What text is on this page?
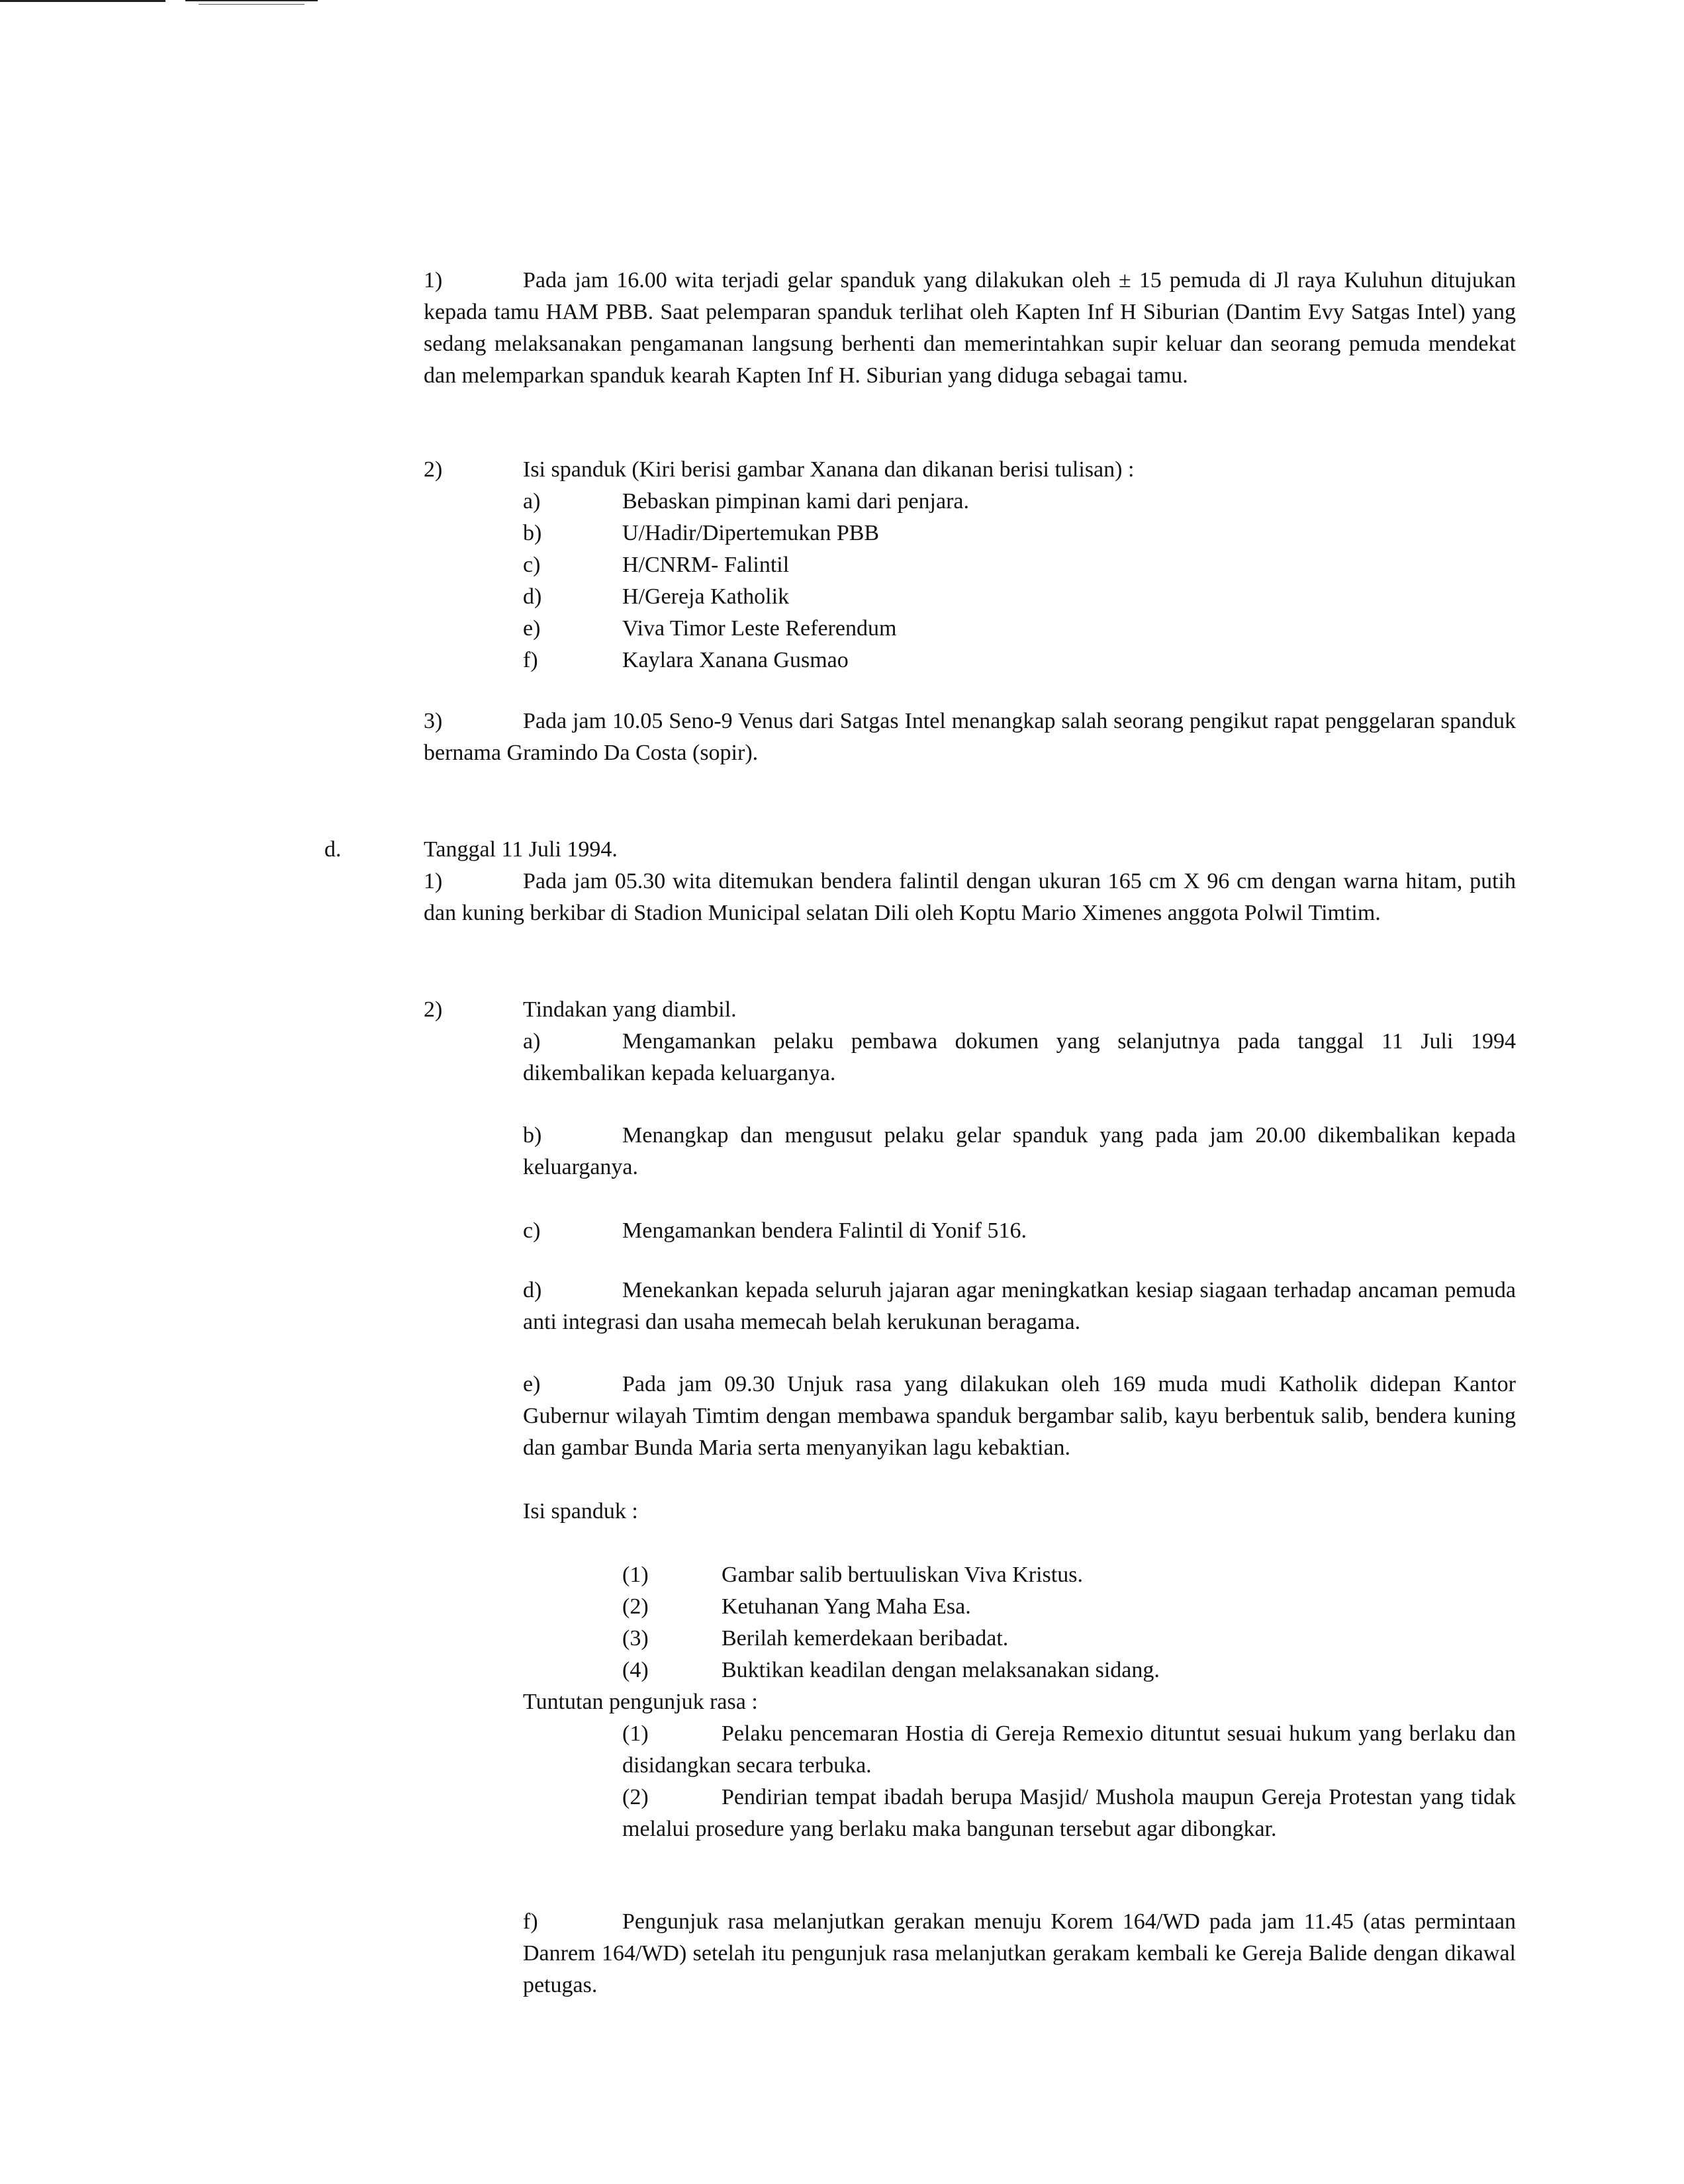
1)	Pada jam 16.00 wita terjadi gelar spanduk yang dilakukan oleh ± 15 pemuda di Jl raya Kuluhun ditujukan kepada tamu HAM PBB. Saat pelemparan spanduk terlihat oleh Kapten Inf H Siburian (Dantim Evy Satgas Intel) yang sedang melaksanakan pengamanan langsung berhenti dan memerintahkan supir keluar dan seorang pemuda mendekat dan melemparkan spanduk kearah Kapten Inf H. Siburian yang diduga sebagai tamu.
2)	Isi spanduk (Kiri berisi gambar Xanana dan dikanan berisi tulisan) :
a)	Bebaskan pimpinan kami dari penjara.
b)	U/Hadir/Dipertemukan PBB
c)	H/CNRM- Falintil
d)	H/Gereja Katholik
e)	Viva Timor Leste Referendum
f)	Kaylara Xanana Gusmao
3)	Pada jam 10.05 Seno-9 Venus dari Satgas Intel menangkap salah seorang pengikut rapat penggelaran spanduk bernama Gramindo Da Costa (sopir).
d.	Tanggal 11 Juli 1994.
1)	Pada jam 05.30 wita ditemukan bendera falintil dengan ukuran 165 cm X 96 cm dengan warna hitam, putih dan kuning berkibar di Stadion Municipal selatan Dili oleh Koptu Mario Ximenes anggota Polwil Timtim.
2)	Tindakan yang diambil.
a)	Mengamankan pelaku pembawa dokumen yang selanjutnya pada tanggal 11 Juli 1994 dikembalikan kepada keluarganya.
b)	Menangkap dan mengusut pelaku gelar spanduk yang pada jam 20.00 dikembalikan kepada keluarganya.
c)	Mengamankan bendera Falintil di Yonif 516.
d)	Menekankan kepada seluruh jajaran agar meningkatkan kesiap siagaan terhadap ancaman pemuda anti integrasi dan usaha memecah belah kerukunan beragama.
e)	Pada jam 09.30 Unjuk rasa yang dilakukan oleh 169 muda mudi Katholik didepan Kantor Gubernur wilayah Timtim dengan membawa spanduk bergambar salib, kayu berbentuk salib, bendera kuning dan gambar Bunda Maria serta menyanyikan lagu kebaktian.
Isi spanduk :
(1)	Gambar salib bertuuliskan Viva Kristus.
(2)	Ketuhanan Yang Maha Esa.
(3)	Berilah kemerdekaan beribadat.
(4)	Buktikan keadilan dengan melaksanakan sidang.
Tuntutan pengunjuk rasa :
(1)	Pelaku pencemaran Hostia di Gereja Remexio dituntut sesuai hukum yang berlaku dan disidangkan secara terbuka.
(2)	Pendirian tempat ibadah berupa Masjid/ Mushola maupun Gereja Protestan yang tidak melalui prosedure yang berlaku maka bangunan tersebut agar dibongkar.
f)	Pengunjuk rasa melanjutkan gerakan menuju Korem 164/WD pada jam 11.45 (atas permintaan Danrem 164/WD) setelah itu pengunjuk rasa melanjutkan gerakam kembali ke Gereja Balide dengan dikawal petugas.
